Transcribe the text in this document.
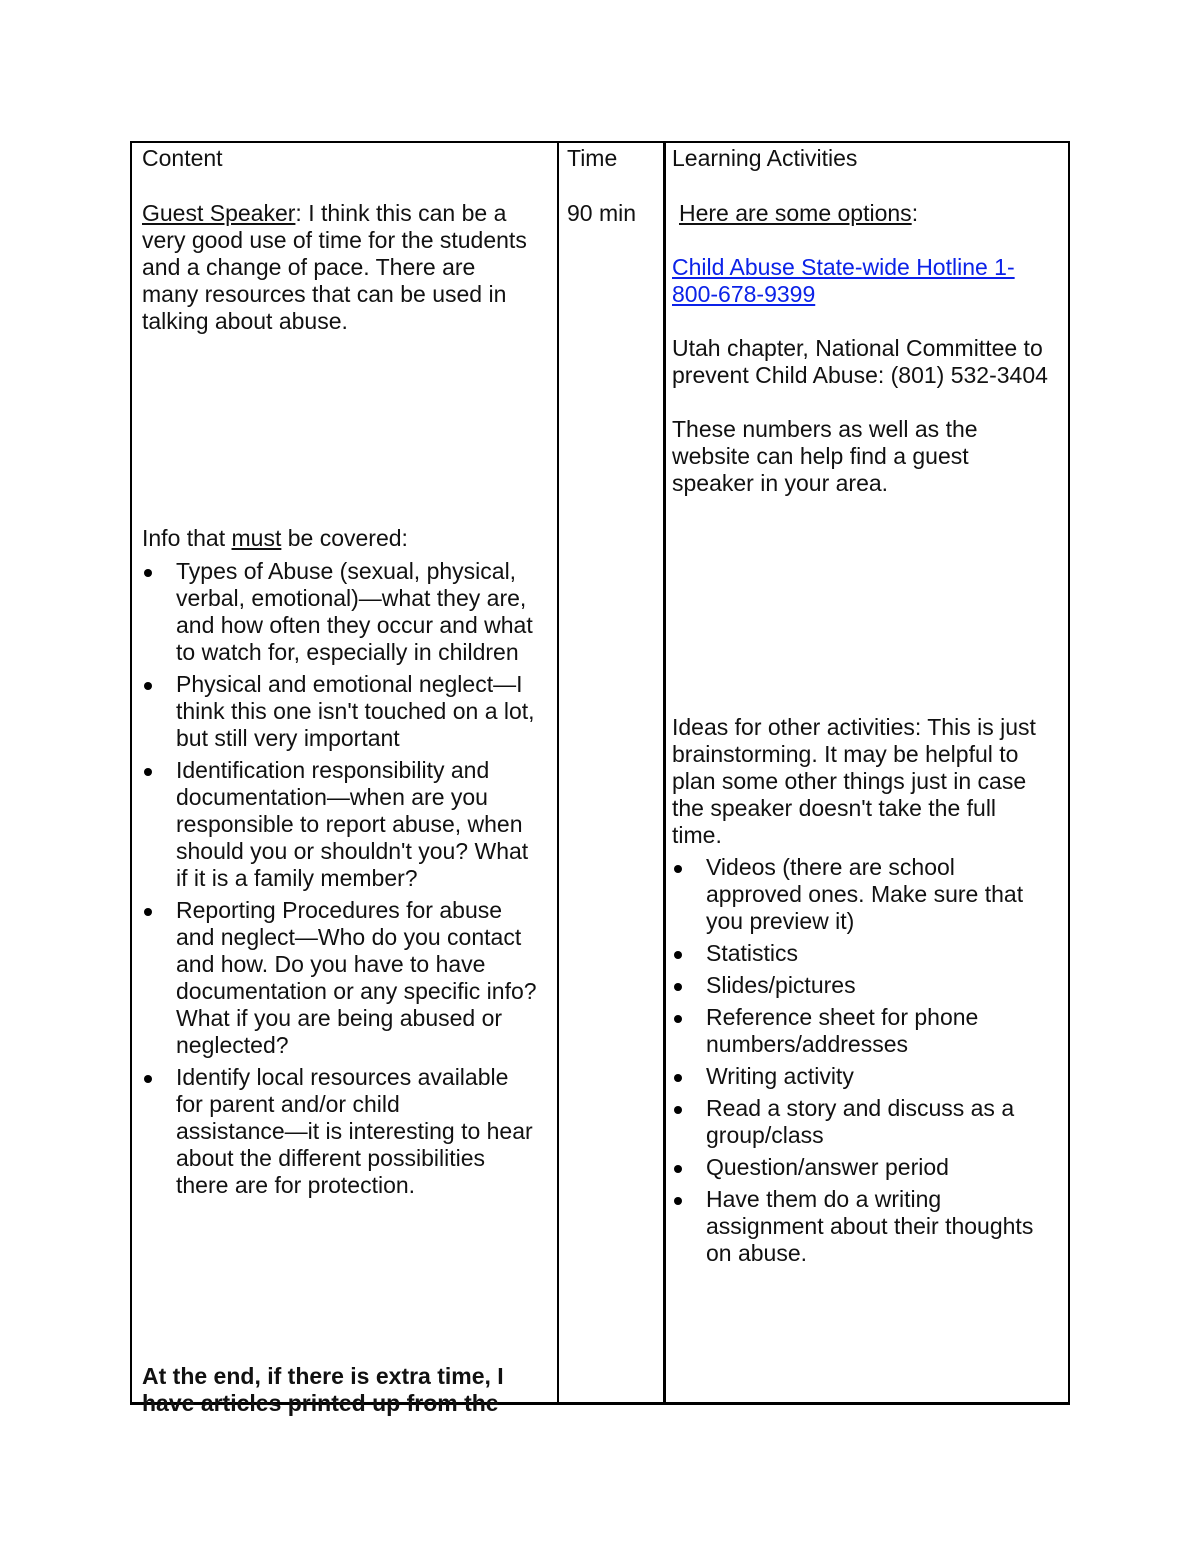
Content
Guest Speaker: I think this can be a
very good use of time for the students
and a change of pace. There are
many resources that can be used in
talking about abuse.
Info that must be covered:
Types of Abuse (sexual, physical,
verbal, emotional)—what they are,
and how often they occur and what
to watch for, especially in children
Physical and emotional neglect—I
think this one isn't touched on a lot,
but still very important
Identification responsibility and
documentation—when are you
responsible to report abuse, when
should you or shouldn't you? What
if it is a family member?
Reporting Procedures for abuse
and neglect—Who do you contact
and how. Do you have to have
documentation or any specific info?
What if you are being abused or
neglected?
Identify local resources available
for parent and/or child
assistance—it is interesting to hear
about the different possibilities
there are for protection.
At the end, if there is extra time, I
have articles printed up from the
Time
90 min
Learning Activities
Here are some options:
Child Abuse State-wide Hotline 1-
800-678-9399
Utah chapter, National Committee to
prevent Child Abuse: (801) 532-3404
These numbers as well as the
website can help find a guest
speaker in your area.
Ideas for other activities: This is just
brainstorming. It may be helpful to
plan some other things just in case
the speaker doesn't take the full
time.
Videos (there are school
approved ones. Make sure that
you preview it)
Statistics
Slides/pictures
Reference sheet for phone
numbers/addresses
Writing activity
Read a story and discuss as a
group/class
Question/answer period
Have them do a writing
assignment about their thoughts
on abuse.
